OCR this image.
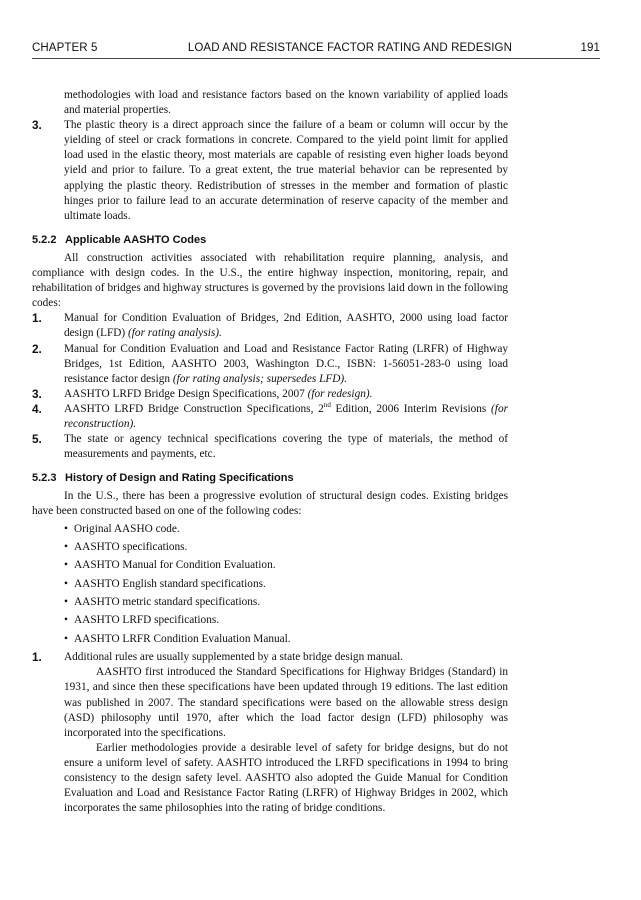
CHAPTER 5	LOAD AND RESISTANCE FACTOR RATING AND REDESIGN	191

methodologies with load and resistance factors based on the known variability of applied loads and material properties.

3. The plastic theory is a direct approach since the failure of a beam or column will occur by the yielding of steel or crack formations in concrete. Compared to the yield point limit for applied load used in the elastic theory, most materials are capable of resisting even higher loads beyond yield and prior to failure. To a great extent, the true material behavior can be represented by applying the plastic theory. Redistribution of stresses in the member and formation of plastic hinges prior to failure lead to an accurate determination of reserve capacity of the member and ultimate loads.
5.2.2 Applicable AASHTO Codes

All construction activities associated with rehabilitation require planning, analysis, and compliance with design codes. In the U.S., the entire highway inspection, monitoring, repair, and rehabilitation of bridges and highway structures is governed by the provisions laid down in the following codes:

1. Manual for Condition Evaluation of Bridges, 2nd Edition, AASHTO, 2000 using load factor design (LFD) (for rating analysis).
2. Manual for Condition Evaluation and Load and Resistance Factor Rating (LRFR) of Highway Bridges, 1st Edition, AASHTO 2003, Washington D.C., ISBN: 1-56051-283-0 using load resistance factor design (for rating analysis; supersedes LFD).
3. AASHTO LRFD Bridge Design Specifications, 2007 (for redesign).
4. AASHTO LRFD Bridge Construction Specifications, 2nd Edition, 2006 Interim Revisions (for reconstruction).
5. The state or agency technical specifications covering the type of materials, the method of measurements and payments, etc.
5.2.3 History of Design and Rating Specifications

In the U.S., there has been a progressive evolution of structural design codes. Existing bridges have been constructed based on one of the following codes:

• Original AASHO code.
• AASHTO specifications.
• AASHTO Manual for Condition Evaluation.
• AASHTO English standard specifications.
• AASHTO metric standard specifications.
• AASHTO LRFD specifications.
• AASHTO LRFR Condition Evaluation Manual.
1. Additional rules are usually supplemented by a state bridge design manual.

AASHTO first introduced the Standard Specifications for Highway Bridges (Standard) in 1931, and since then these specifications have been updated through 19 editions. The last edition was published in 2007. The standard specifications were based on the allowable stress design (ASD) philosophy until 1970, after which the load factor design (LFD) philosophy was incorporated into the specifications.

Earlier methodologies provide a desirable level of safety for bridge designs, but do not ensure a uniform level of safety. AASHTO introduced the LRFD specifications in 1994 to bring consistency to the design safety level. AASHTO also adopted the Guide Manual for Condition Evaluation and Load and Resistance Factor Rating (LRFR) of Highway Bridges in 2002, which incorporates the same philosophies into the rating of bridge conditions.
